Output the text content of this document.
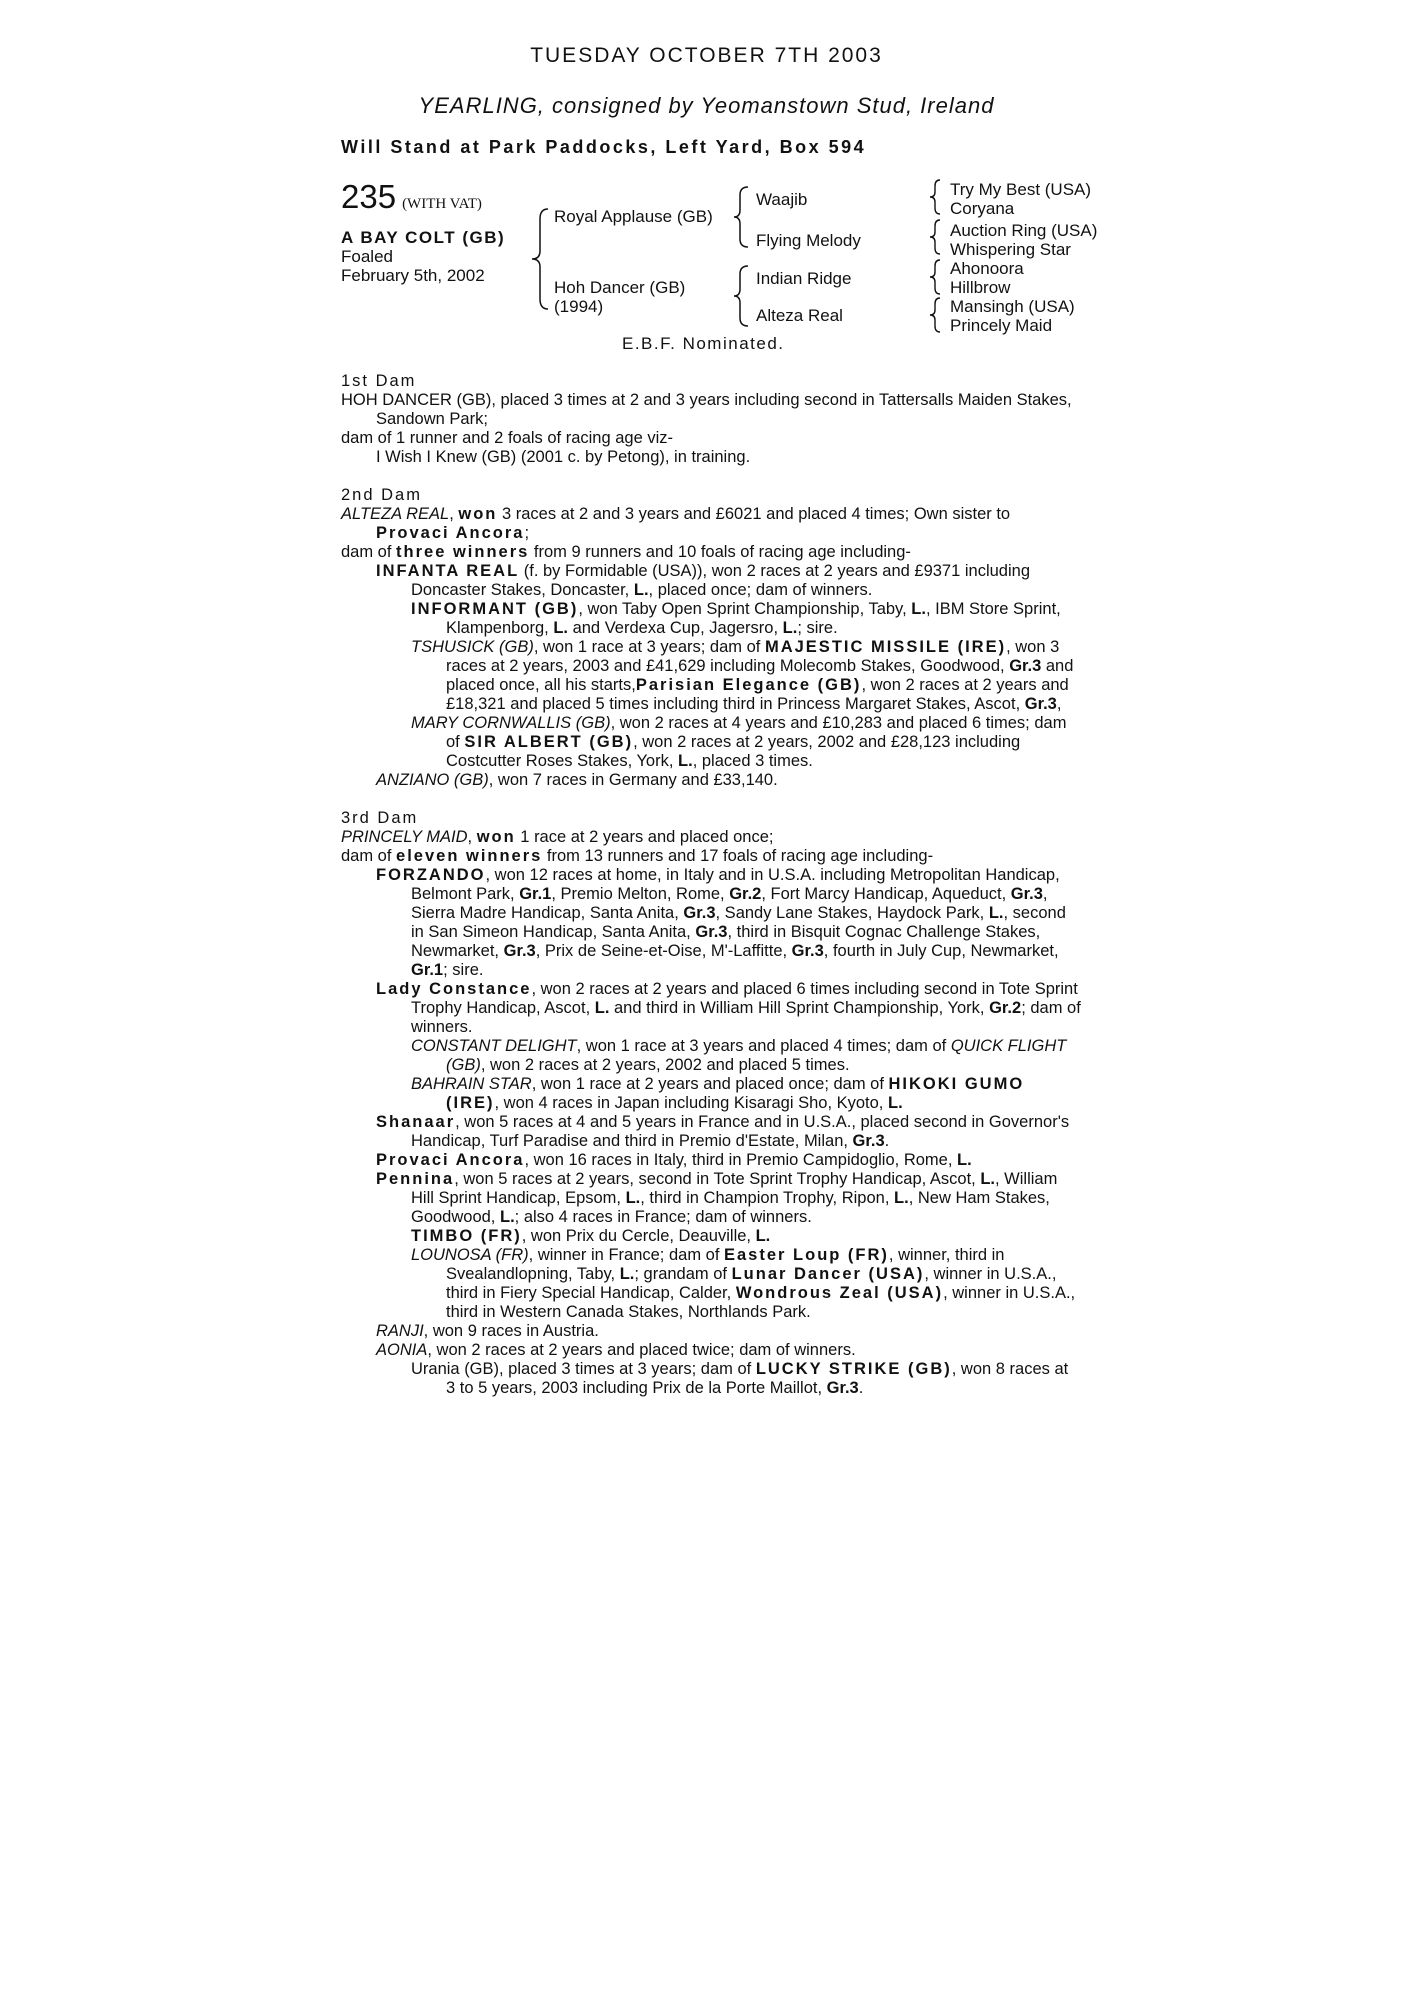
TUESDAY OCTOBER 7TH 2003
YEARLING, consigned by Yeomanstown Stud, Ireland
Will Stand at Park Paddocks, Left Yard, Box 594
235 (WITH VAT)
A BAY COLT (GB)
Foaled
February 5th, 2002
Royal Applause (GB)
Hoh Dancer (GB)
(1994)
Waajib
Flying Melody
Indian Ridge
Alteza Real
Try My Best (USA)
Coryana
Auction Ring (USA)
Whispering Star
Ahonoora
Hillbrow
Mansingh (USA)
Princely Maid
E.B.F. Nominated.

1st Dam

HOH DANCER (GB), placed 3 times at 2 and 3 years including second in Tattersalls Maiden Stakes, Sandown Park;

dam of 1 runner and 2 foals of racing age viz-

I Wish I Knew (GB) (2001 c. by Petong), in training.

2nd Dam

ALTEZA REAL, won 3 races at 2 and 3 years and £6021 and placed 4 times; Own sister to Provaci Ancora;

dam of three winners from 9 runners and 10 foals of racing age including-

INFANTA REAL (f. by Formidable (USA)), won 2 races at 2 years and £9371 including Doncaster Stakes, Doncaster, L., placed once; dam of winners.

INFORMANT (GB), won Taby Open Sprint Championship, Taby, L., IBM Store Sprint, Klampenborg, L. and Verdexa Cup, Jagersro, L.; sire.

TSHUSICK (GB), won 1 race at 3 years; dam of MAJESTIC MISSILE (IRE), won 3 races at 2 years, 2003 and £41,629 including Molecomb Stakes, Goodwood, Gr.3 and placed once, all his starts,Parisian Elegance (GB), won 2 races at 2 years and £18,321 and placed 5 times including third in Princess Margaret Stakes, Ascot, Gr.3,

MARY CORNWALLIS (GB), won 2 races at 4 years and £10,283 and placed 6 times; dam of SIR ALBERT (GB), won 2 races at 2 years, 2002 and £28,123 including Costcutter Roses Stakes, York, L., placed 3 times.

ANZIANO (GB), won 7 races in Germany and £33,140.

3rd Dam

PRINCELY MAID, won 1 race at 2 years and placed once;

dam of eleven winners from 13 runners and 17 foals of racing age including-

FORZANDO, won 12 races at home, in Italy and in U.S.A. including Metropolitan Handicap, Belmont Park, Gr.1, Premio Melton, Rome, Gr.2, Fort Marcy Handicap, Aqueduct, Gr.3, Sierra Madre Handicap, Santa Anita, Gr.3, Sandy Lane Stakes, Haydock Park, L., second in San Simeon Handicap, Santa Anita, Gr.3, third in Bisquit Cognac Challenge Stakes, Newmarket, Gr.3, Prix de Seine-et-Oise, M'-Laffitte, Gr.3, fourth in July Cup, Newmarket, Gr.1; sire.

Lady Constance, won 2 races at 2 years and placed 6 times including second in Tote Sprint Trophy Handicap, Ascot, L. and third in William Hill Sprint Championship, York, Gr.2; dam of winners.

CONSTANT DELIGHT, won 1 race at 3 years and placed 4 times; dam of QUICK FLIGHT (GB), won 2 races at 2 years, 2002 and placed 5 times.

BAHRAIN STAR, won 1 race at 2 years and placed once; dam of HIKOKI GUMO (IRE), won 4 races in Japan including Kisaragi Sho, Kyoto, L.

Shanaar, won 5 races at 4 and 5 years in France and in U.S.A., placed second in Governor's Handicap, Turf Paradise and third in Premio d'Estate, Milan, Gr.3.

Provaci Ancora, won 16 races in Italy, third in Premio Campidoglio, Rome, L.

Pennina, won 5 races at 2 years, second in Tote Sprint Trophy Handicap, Ascot, L., William Hill Sprint Handicap, Epsom, L., third in Champion Trophy, Ripon, L., New Ham Stakes, Goodwood, L.; also 4 races in France; dam of winners.

TIMBO (FR), won Prix du Cercle, Deauville, L.

LOUNOSA (FR), winner in France; dam of Easter Loup (FR), winner, third in Svealandlopning, Taby, L.; grandam of Lunar Dancer (USA), winner in U.S.A., third in Fiery Special Handicap, Calder, Wondrous Zeal (USA), winner in U.S.A., third in Western Canada Stakes, Northlands Park.

RANJI, won 9 races in Austria.

AONIA, won 2 races at 2 years and placed twice; dam of winners.

Urania (GB), placed 3 times at 3 years; dam of LUCKY STRIKE (GB), won 8 races at 3 to 5 years, 2003 including Prix de la Porte Maillot, Gr.3.
